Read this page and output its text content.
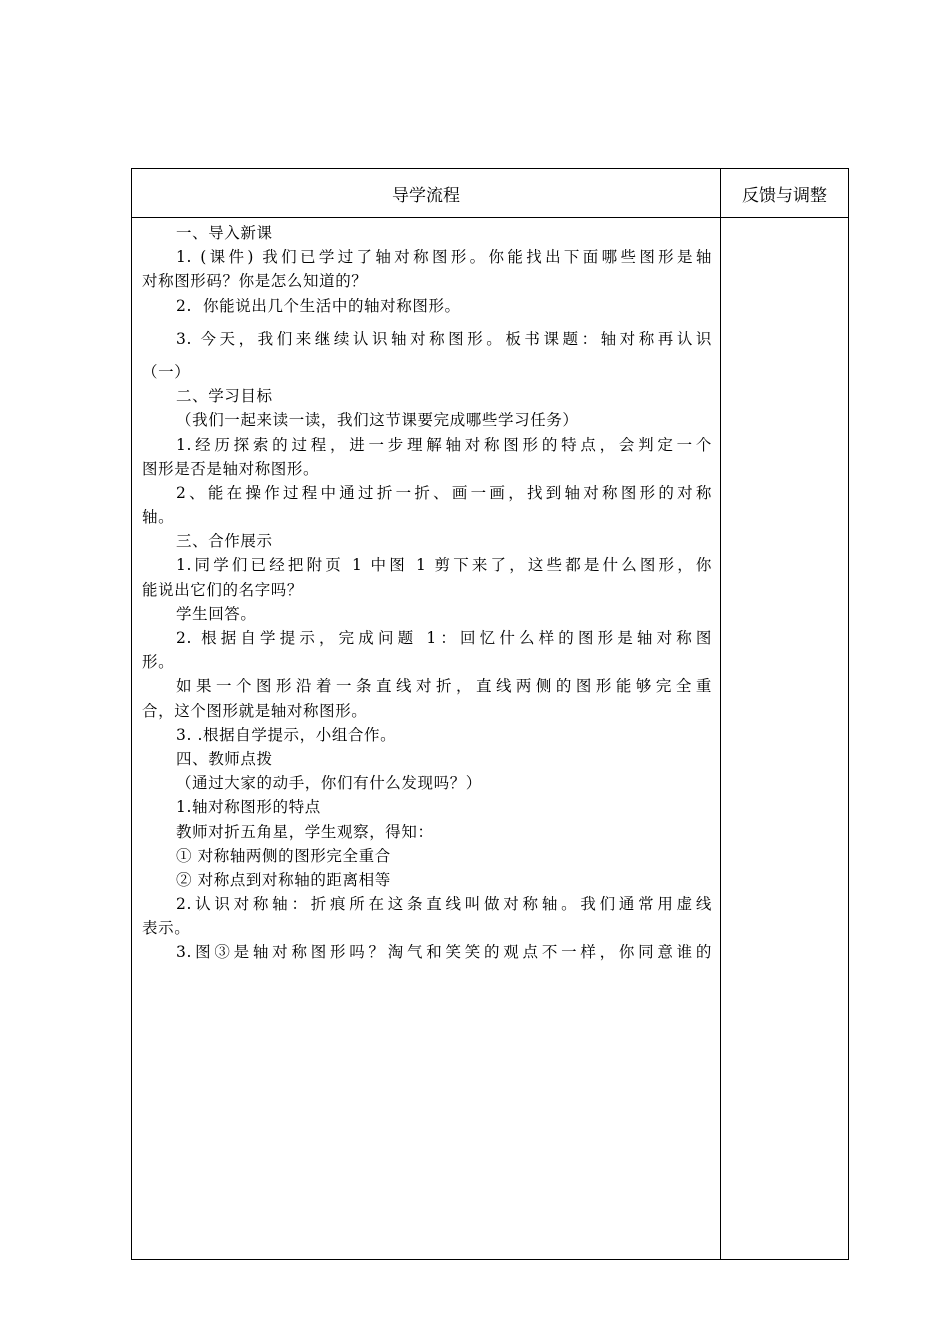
导学流程	反馈与调整
一、导入新课
1. (课件) 我们已学过了轴对称图形。你能找出下面哪些图形是轴
对称图形码？你是怎么知道的？
2.  你能说出几个生活中的轴对称图形。
3. 今天，我们来继续认识轴对称图形。板书课题：轴对称再认识
（一）
二、学习目标
（我们一起来读一读，我们这节课要完成哪些学习任务）
1.经历探索的过程，进一步理解轴对称图形的特点，会判定一个
图形是否是轴对称图形。
2、能在操作过程中通过折一折、画一画，找到轴对称图形的对称
轴。
三、合作展示
1.同学们已经把附页 1 中图 1 剪下来了，这些都是什么图形，你
能说出它们的名字吗？
学生回答。
2. 根据自学提示，完成问题 1：回忆什么样的图形是轴对称图
形。
如果一个图形沿着一条直线对折，直线两侧的图形能够完全重
合，这个图形就是轴对称图形。
3. .根据自学提示，小组合作。
四、教师点拨
（通过大家的动手，你们有什么发现吗？）
1.轴对称图形的特点
教师对折五角星，学生观察，得知：
① 对称轴两侧的图形完全重合
② 对称点到对称轴的距离相等
2.认识对称轴：折痕所在这条直线叫做对称轴。我们通常用虚线
表示。
3.图③是轴对称图形吗？淘气和笑笑的观点不一样，你同意谁的
